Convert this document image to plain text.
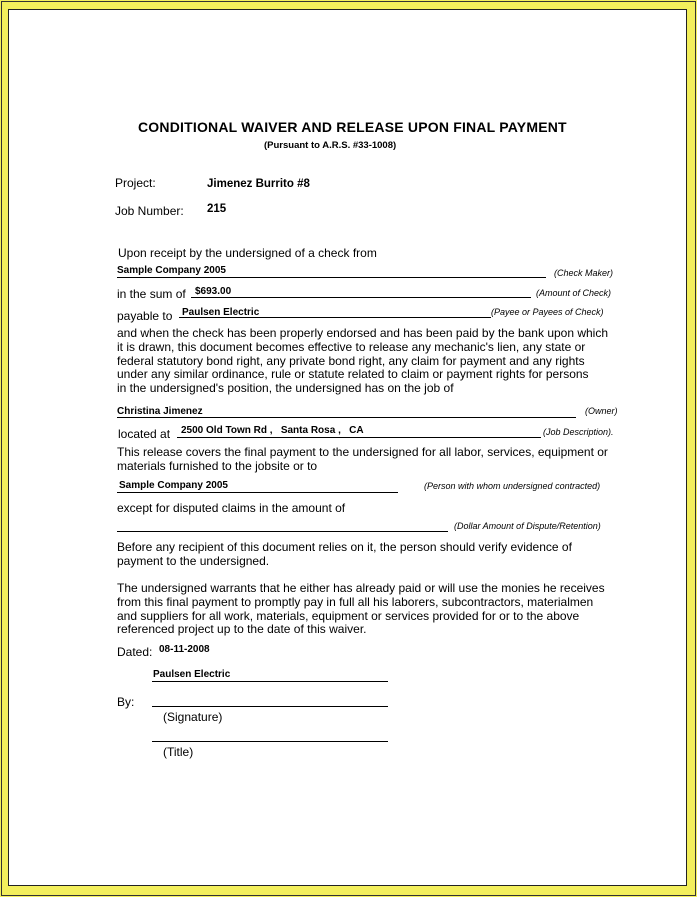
CONDITIONAL WAIVER AND RELEASE UPON FINAL PAYMENT
(Pursuant to A.R.S. #33-1008)
Project:	Jimenez Burrito #8
Job Number: 215
Upon receipt by the undersigned of a check from
Sample Company 2005	(Check Maker)
in the sum of $693.00	(Amount of Check)
payable to Paulsen Electric	(Payee or Payees of Check)
and when the check has been properly endorsed and has been paid by the bank upon which
it is drawn, this document becomes effective to release any mechanic's lien, any state or
federal statutory bond right, any private bond right, any claim for payment and any rights
under any similar ordinance, rule or statute related to claim or payment rights for persons
in the undersigned's position, the undersigned has on the job of
Christina Jimenez	(Owner)
located at 2500 Old Town Rd ,   Santa Rosa ,   CA	(Job Description).
This release covers the final payment to the undersigned for all labor, services, equipment or
materials furnished to the jobsite or to
Sample Company 2005	(Person with whom undersigned contracted)
except for disputed claims in the amount of
(Dollar Amount of Dispute/Retention)
Before any recipient of this document relies on it, the person should verify evidence of
payment to the undersigned.
The undersigned warrants that he either has already paid or will use the monies he receives
from this final payment to promptly pay in full all his laborers, subcontractors, materialmen
and suppliers for all work, materials, equipment or services provided for or to the above
referenced project up to the date of this waiver.
Dated: 08-11-2008
Paulsen Electric
By:
(Signature)
(Title)
